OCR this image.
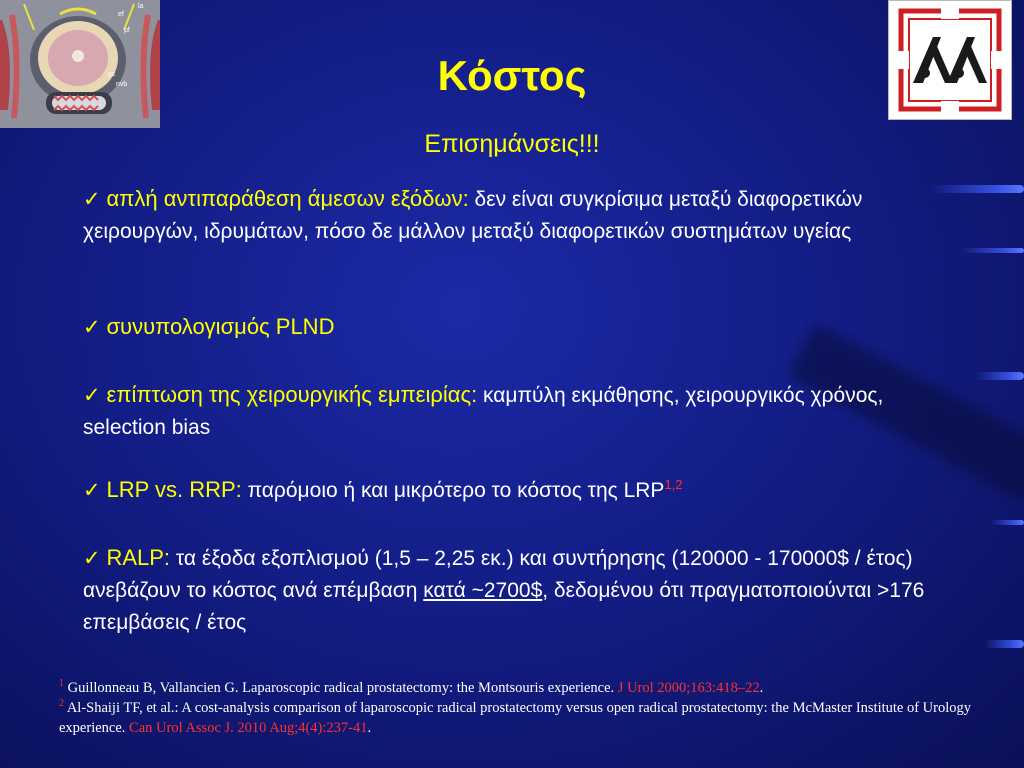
ef
pf
la
pc
nvb	Κόστος
Επισημάνσεις!!!
✓ απλή αντιπαράθεση άμεσων εξόδων: δεν είναι συγκρίσιμα μεταξύ διαφορετικών χειρουργών, ιδρυμάτων, πόσο δε μάλλον μεταξύ διαφορετικών συστημάτων υγείας
✓ συνυπολογισμός PLND
✓ επίπτωση της χειρουργικής εμπειρίας: καμπύλη εκμάθησης, χειρουργικός χρόνος, selection bias
✓ LRP vs. RRP: παρόμοιο ή και μικρότερο το κόστος της LRP$^{1,2}$
✓ RALP: τα έξοδα εξοπλισμού (1,5 – 2,25 εκ.) και συντήρησης (120000 - 170000$ / έτος) ανεβάζουν το κόστος ανά επέμβαση κατά ~2700$, δεδομένου ότι πραγματοποιούνται >176 επεμβάσεις / έτος
$^1$ Guillonneau B, Vallancien G. Laparoscopic radical prostatectomy: the Montsouris experience. J Urol 2000;163:418–22.
$^2$ Al-Shaiji TF, et al.: A cost-analysis comparison of laparoscopic radical prostatectomy versus open radical prostatectomy: the McMaster Institute of Urology experience. Can Urol Assoc J. 2010 Aug;4(4):237-41.
